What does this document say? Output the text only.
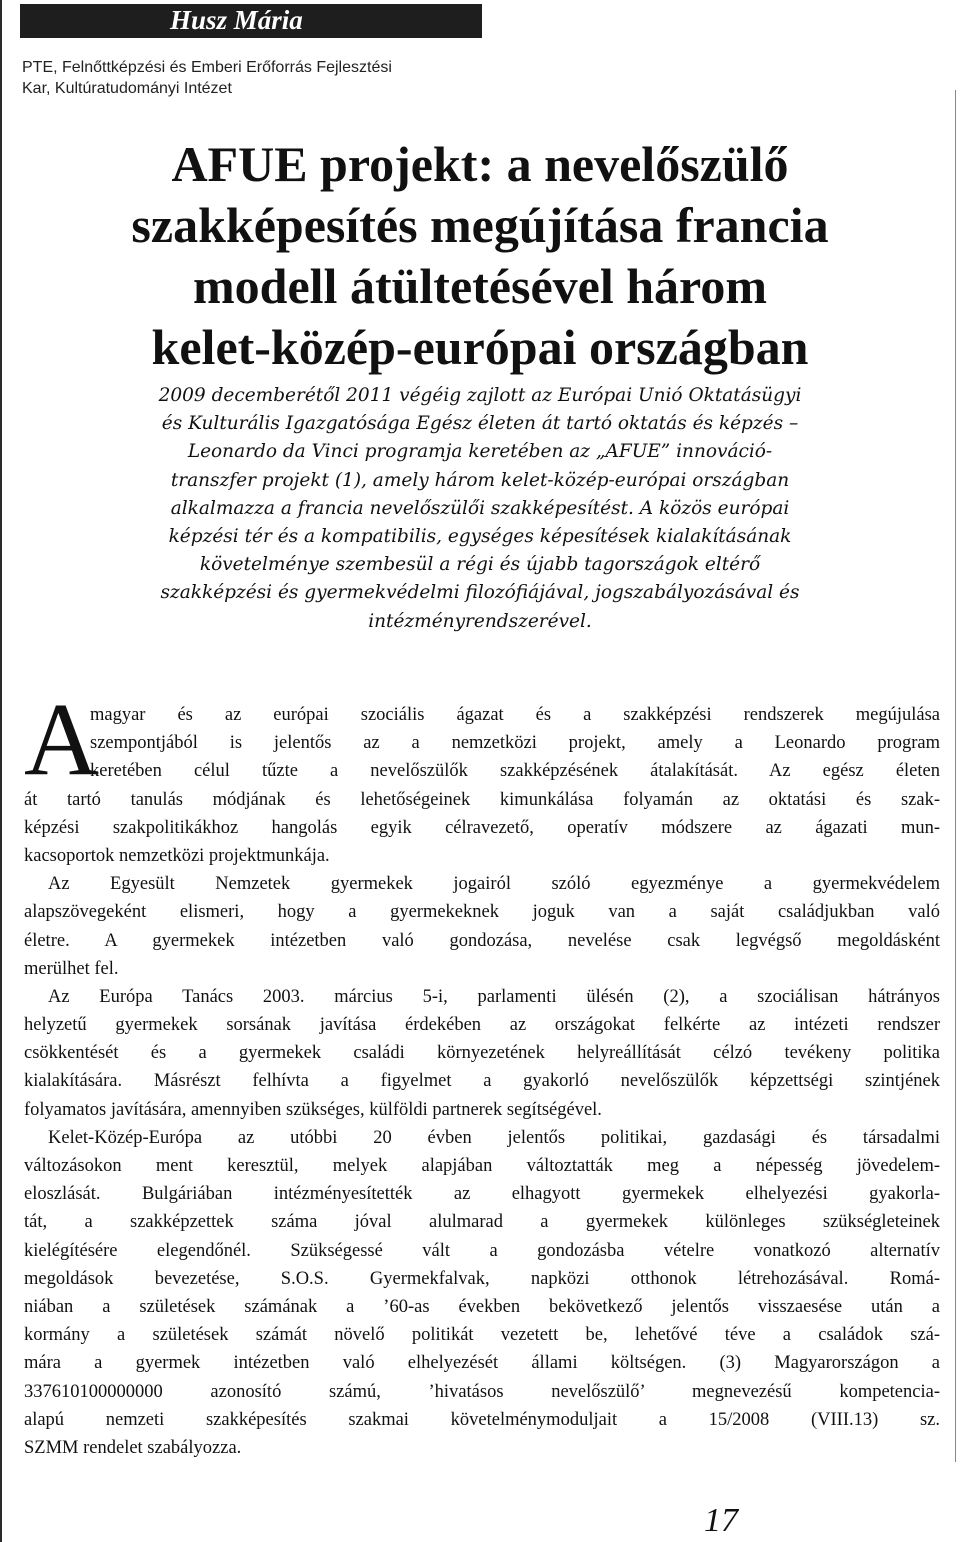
Husz Mária
PTE, Felnőttképzési és Emberi Erőforrás Fejlesztési
Kar, Kultúratudományi Intézet
AFUE projekt: a nevelőszülő
szakképesítés megújítása francia
modell átültetésével három
kelet-közép-európai országban
2009 decemberétől 2011 végéig zajlott az Európai Unió Oktatásügyi
és Kulturális Igazgatósága Egész életen át tartó oktatás és képzés –
Leonardo da Vinci programja keretében az „AFUE” innováció-
transzfer projekt (1), amely három kelet-közép-európai országban
alkalmazza a francia nevelőszülői szakképesítést. A közös európai
képzési tér és a kompatibilis, egységes képesítések kialakításának
követelménye szembesül a régi és újabb tagországok eltérő
szakképzési és gyermekvédelmi filozófiájával, jogszabályozásával és
intézményrendszerével.
A
magyar és az európai szociális ágazat és a szakképzési rendszerek megújulása
szempontjából is jelentős az a nemzetközi projekt, amely a Leonardo program
keretében célul tűzte a nevelőszülők szakképzésének átalakítását. Az egész életen
át tartó tanulás módjának és lehetőségeinek kimunkálása folyamán az oktatási és szak-
képzési szakpolitikákhoz hangolás egyik célravezető, operatív módszere az ágazati mun-
kacsoportok nemzetközi projektmunkája.
Az Egyesült Nemzetek gyermekek jogairól szóló egyezménye a gyermekvédelem
alapszövegeként elismeri, hogy a gyermekeknek joguk van a saját családjukban való
életre. A gyermekek intézetben való gondozása, nevelése csak legvégső megoldásként
merülhet fel.
Az Európa Tanács 2003. március 5-i, parlamenti ülésén (2), a szociálisan hátrányos
helyzetű gyermekek sorsának javítása érdekében az országokat felkérte az intézeti rendszer
csökkentését és a gyermekek családi környezetének helyreállítását célzó tevékeny politika
kialakítására. Másrészt felhívta a figyelmet a gyakorló nevelőszülők képzettségi szintjének
folyamatos javítására, amennyiben szükséges, külföldi partnerek segítségével.
Kelet-Közép-Európa az utóbbi 20 évben jelentős politikai, gazdasági és társadalmi
változásokon ment keresztül, melyek alapjában változtatták meg a népesség jövedelem-
eloszlását. Bulgáriában intézményesítették az elhagyott gyermekek elhelyezési gyakorla-
tát, a szakképzettek száma jóval alulmarad a gyermekek különleges szükségleteinek
kielégítésére elegendőnél. Szükségessé vált a gondozásba vételre vonatkozó alternatív
megoldások bevezetése, S.O.S. Gyermekfalvak, napközi otthonok létrehozásával. Romá-
niában a születések számának a ’60-as években bekövetkező jelentős visszaesése után a
kormány a születések számát növelő politikát vezetett be, lehetővé téve a családok szá-
mára a gyermek intézetben való elhelyezését állami költségen. (3) Magyarországon a
337610100000000 azonosító számú, ’hivatásos nevelőszülő’ megnevezésű kompetencia-
alapú nemzeti szakképesítés szakmai követelménymoduljait a 15/2008 (VIII.13) sz.
SZMM rendelet szabályozza.
17
